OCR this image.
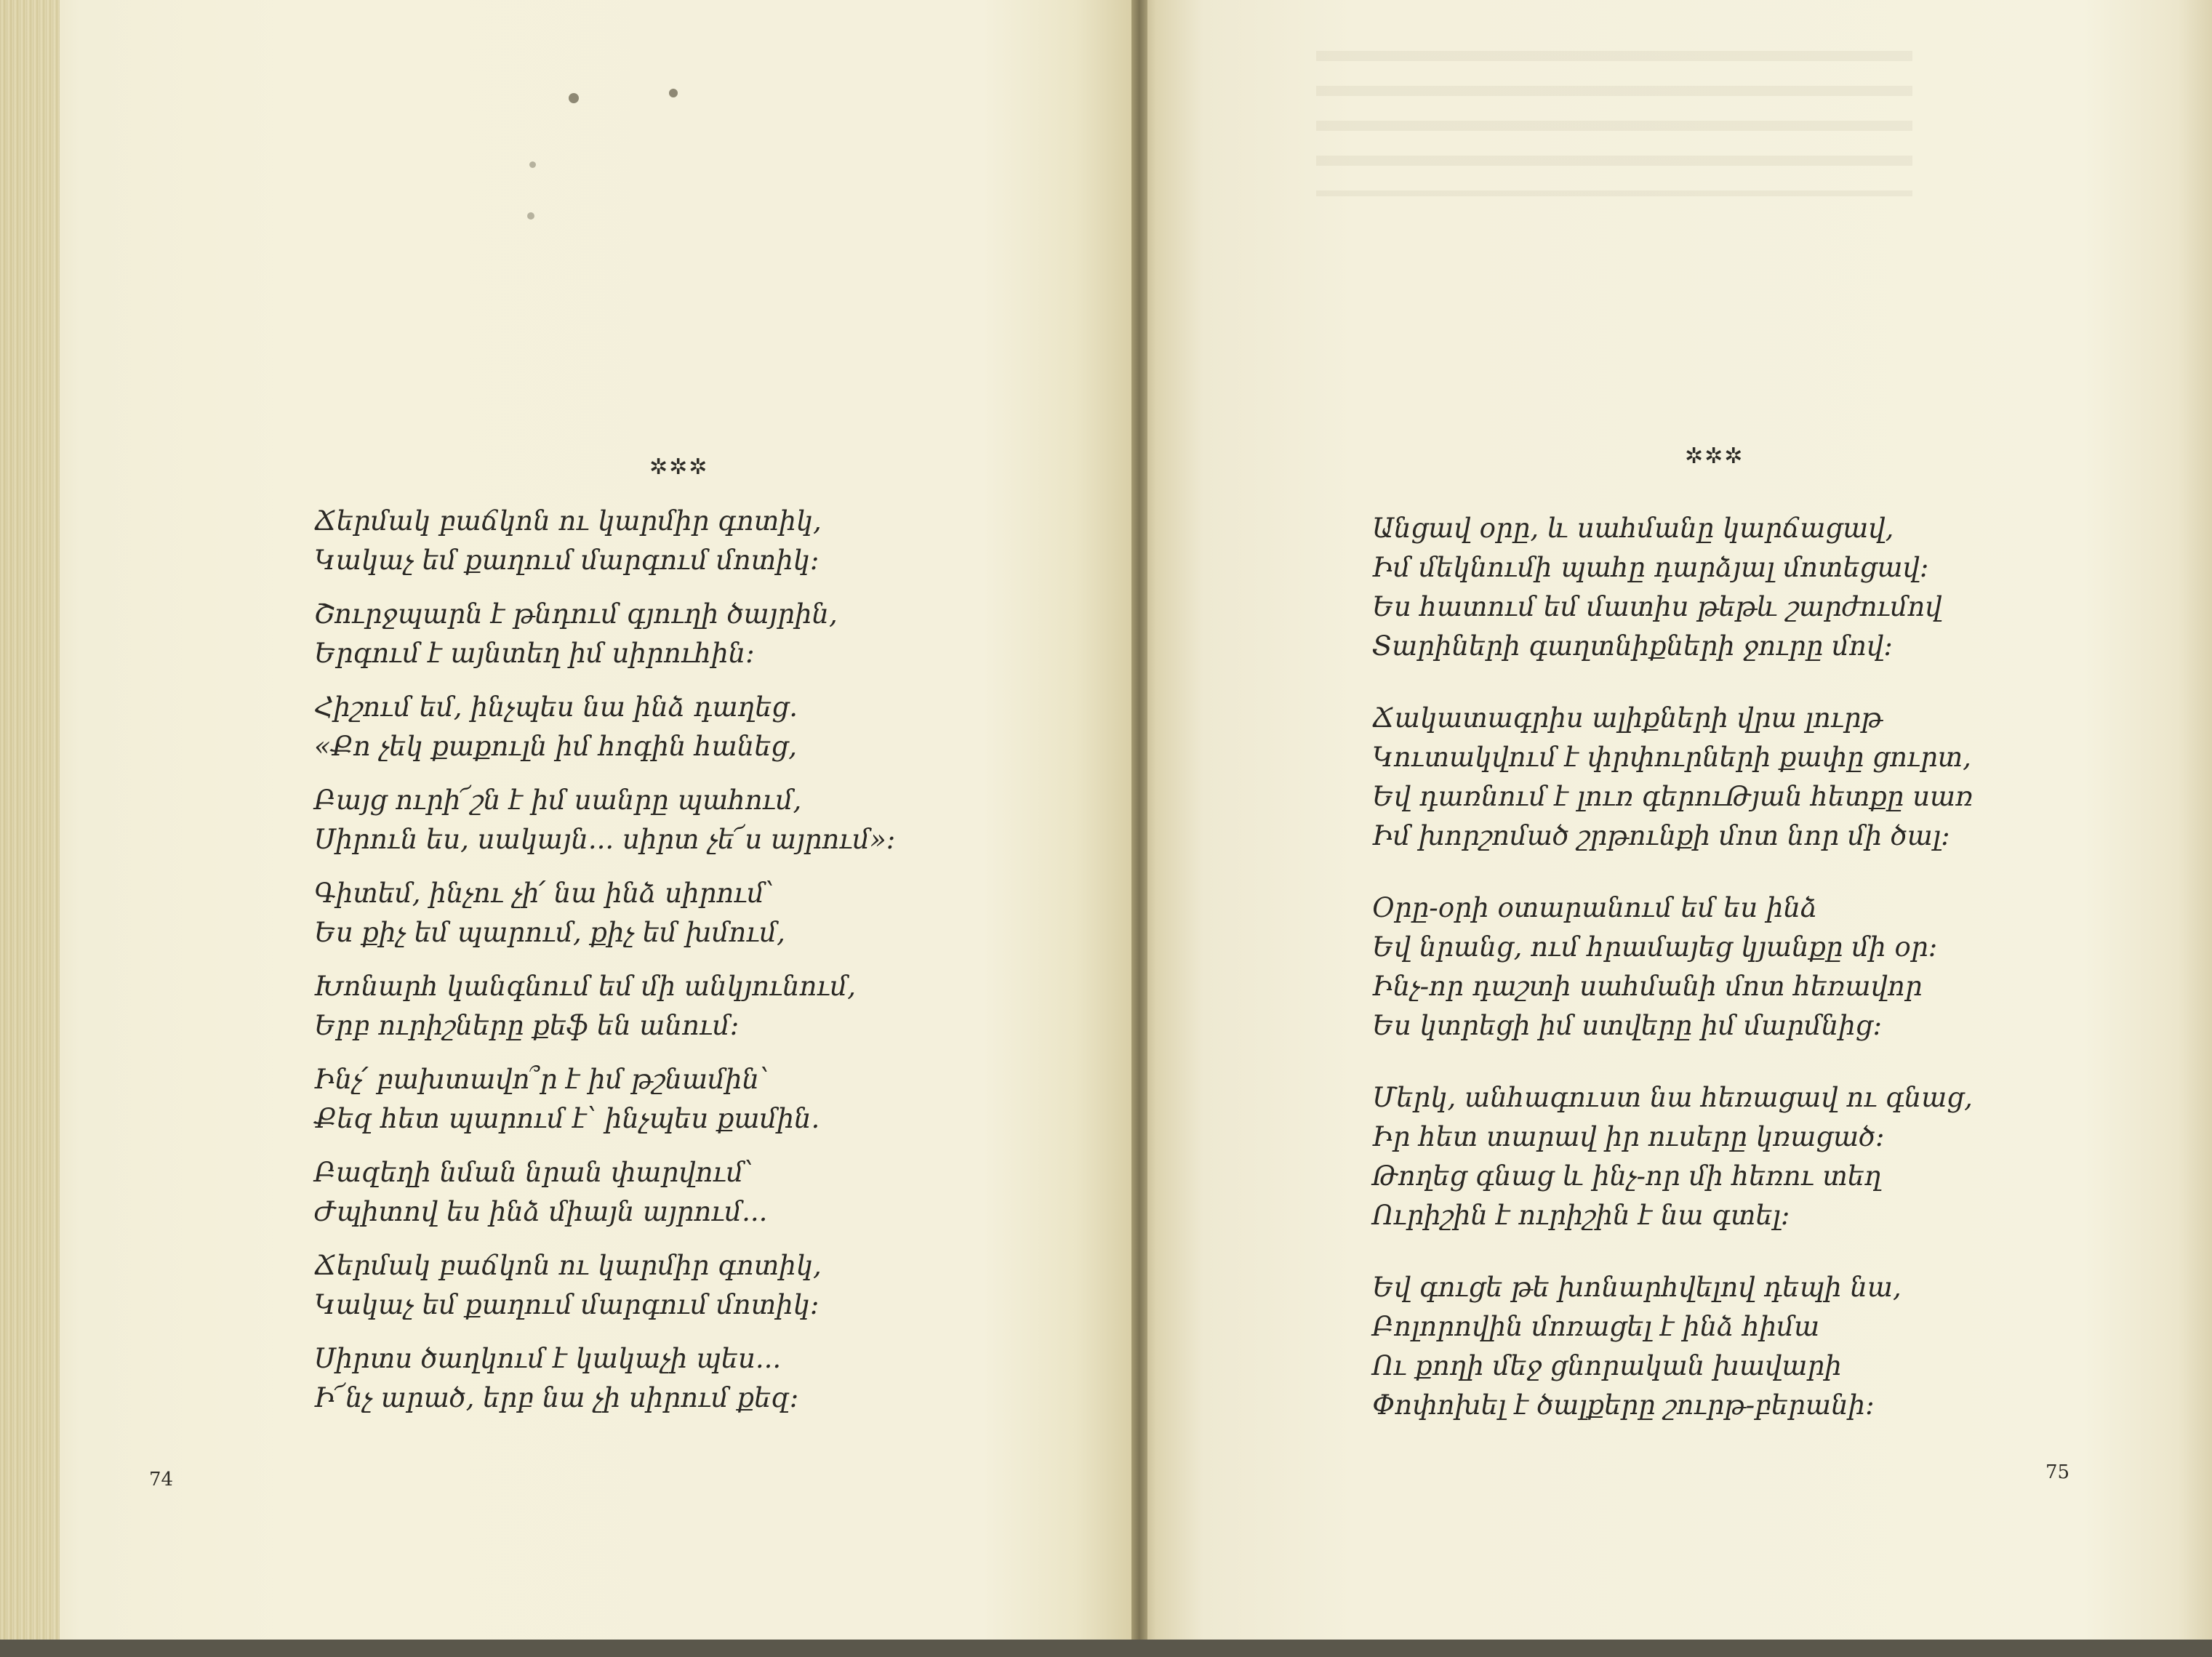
✲✲✲
Ճերմակ բաճկոն ու կարմիր գոտիկ,
Կակաչ եմ քաղում մարգում մոտիկ:
Շուրջպարն է թնդում գյուղի ծայրին,
Երգում է այնտեղ իմ սիրուհին:
Հիշում եմ, ինչպես նա ինձ դաղեց.
«Քո չեկ քաքուլն իմ հոգին հանեց,
Բայց ուրի՜շն է իմ սանրը պահում,
Սիրուն ես, սակայն... սիրտ չե՜ս այրում»:
Գիտեմ, ինչու չի՛ նա ինձ սիրում՝
Ես քիչ եմ պարում, քիչ եմ խմում,
Խոնարհ կանգնում եմ մի անկյունում,
Երբ ուրիշները քեֆ են անում:
Ինչ՛ բախտավո՞ր է իմ թշնամին՝
Քեզ հետ պարում է՝ ինչպես քամին.
Բազեղի նման նրան փարվում՝
Ժպիտով ես ինձ միայն այրում...
Ճերմակ բաճկոն ու կարմիր գոտիկ,
Կակաչ եմ քաղում մարգում մոտիկ:
Սիրտս ծաղկում է կակաչի պես...
Ի՜նչ արած, երբ նա չի սիրում քեզ:
74
✲✲✲
Անցավ օրը, և սահմանը կարճացավ,
Իմ մեկնումի պահը դարձյալ մոտեցավ:
Ես հատում եմ մատիս թեթև շարժումով
Տարիների գաղտնիքների ջուրը մով:
Ճակատագրիս ալիքների վրա լուրթ
Կուտակվում է փրփուրների քափը ցուրտ,
Եվ դառնում է լուռ գերուԹյան հետքը սառ
Իմ խորշոմած շրթունքի մոտ նոր մի ծալ:
Օրը-օրի օտարանում եմ ես ինձ
Եվ նրանց, ում հրամայեց կյանքը մի օր:
Ինչ-որ դաշտի սահմանի մոտ հեռավոր
Ես կտրեցի իմ ստվերը իմ մարմնից:
Մերկ, անհագուստ նա հեռացավ ու գնաց,
Իր հետ տարավ իր ուսերը կռացած:
Թողեց գնաց և ինչ-որ մի հեռու տեղ
Ուրիշին է ուրիշին է նա գտել:
Եվ գուցե թե խոնարհվելով դեպի նա,
Բոլորովին մոռացել է ինձ հիմա
Ու քողի մեջ ցնորական խավարի
Փոփոխել է ծալքերը շուրթ-բերանի:
75
